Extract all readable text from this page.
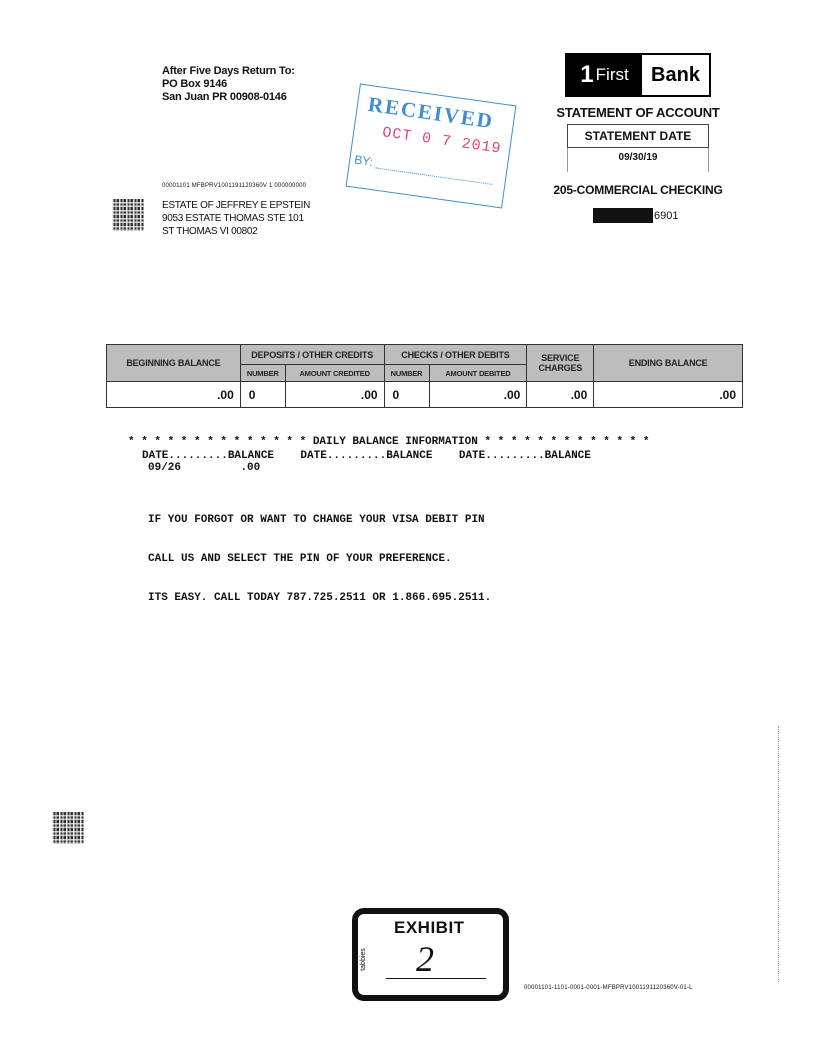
After Five Days Return To:
PO Box 9146
San Juan PR 00908-0146
1 First	Bank
STATEMENT OF ACCOUNT
STATEMENT DATE
09/30/19
205-COMMERCIAL CHECKING
6901
RECEIVED
OCT 0 7 2019
BY:
00001101 MFBPRV1001191120360V 1 000000000
ESTATE OF JEFFREY E EPSTEIN
9053 ESTATE THOMAS STE 101
ST THOMAS VI 00802
BEGINNING BALANCE	DEPOSITS / OTHER CREDITS		CHECKS / OTHER DEBITS		SERVICE CHARGES	ENDING BALANCE
	NUMBER	AMOUNT CREDITED	NUMBER	AMOUNT DEBITED		
.00	0	.00	0	.00	.00	.00
* * * * * * * * * * * * * * DAILY BALANCE INFORMATION * * * * * * * * * * * * *
DATE.........BALANCE    DATE.........BALANCE    DATE.........BALANCE
09/26	.00

IF YOU FORGOT OR WANT TO CHANGE YOUR VISA DEBIT PIN

CALL US AND SELECT THE PIN OF YOUR PREFERENCE.

ITS EASY. CALL TODAY 787.725.2511 OR 1.866.695.2511.

EXHIBIT
tabbies 2
00001101-1101-0001-0001-MFBPRV1001191120360V-01-L
